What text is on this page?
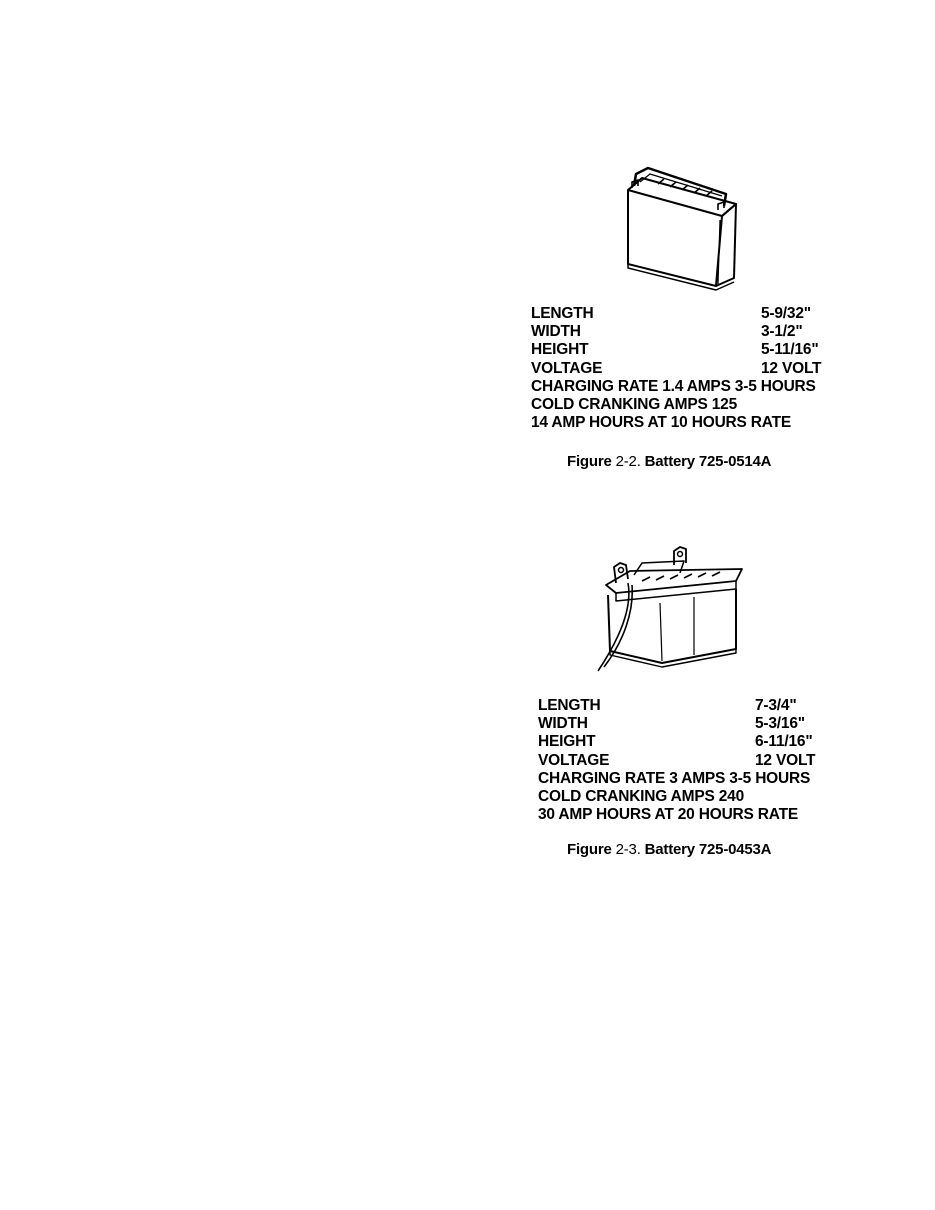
LENGTH	5-9/32"
WIDTH	3-1/2"
HEIGHT	5-11/16"
VOLTAGE	12 VOLT
CHARGING RATE 1.4 AMPS 3-5 HOURS
COLD CRANKING AMPS 125
14 AMP HOURS AT 10 HOURS RATE
Figure 2-2. Battery 725-0514A
LENGTH	7-3/4"
WIDTH	5-3/16"
HEIGHT	6-11/16"
VOLTAGE	12 VOLT
CHARGING RATE 3 AMPS 3-5 HOURS
COLD CRANKING AMPS 240
30 AMP HOURS AT 20 HOURS RATE
Figure 2-3. Battery 725-0453A
